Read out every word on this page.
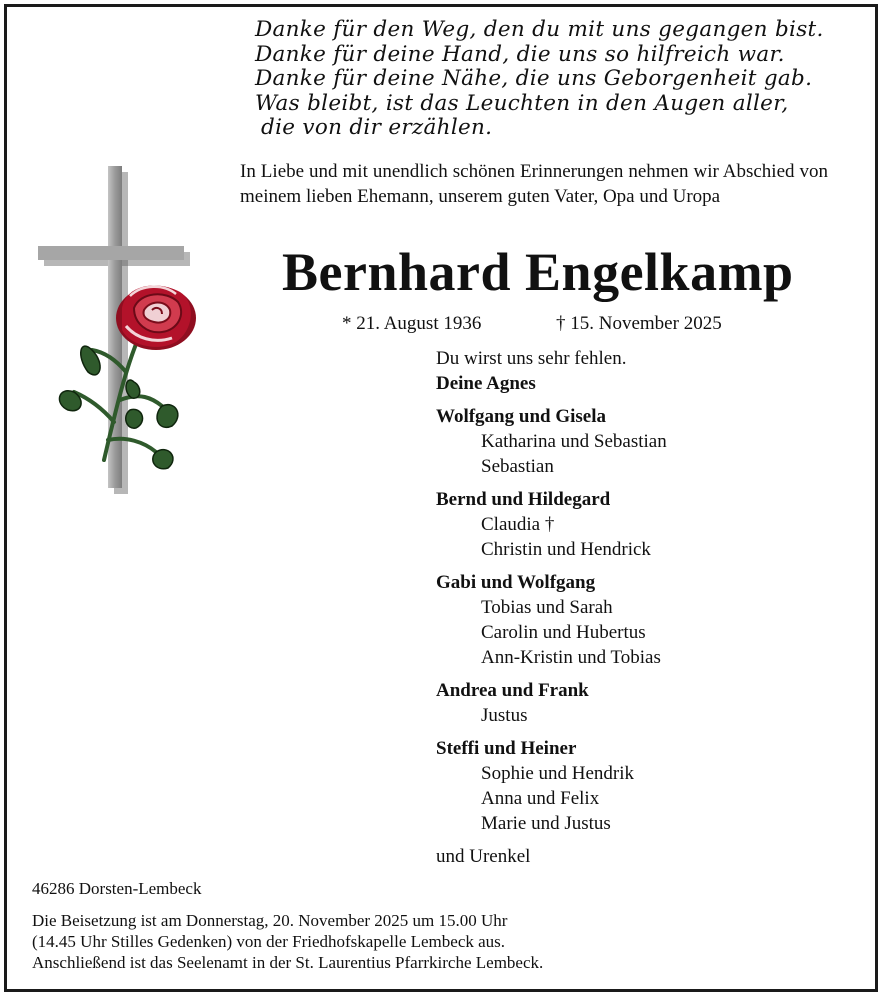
Danke für den Weg, den du mit uns gegangen bist.
Danke für deine Hand, die uns so hilfreich war.
Danke für deine Nähe, die uns Geborgenheit gab.
Was bleibt, ist das Leuchten in den Augen aller,
die von dir erzählen.
In Liebe und mit unendlich schönen Erinnerungen nehmen wir Abschied von meinem lieben Ehemann, unserem guten Vater, Opa und Uropa
Bernhard Engelkamp
* 21. August 1936	† 15. November 2025
Du wirst uns sehr fehlen.
Deine Agnes
Wolfgang und Gisela
Katharina und Sebastian
Sebastian
Bernd und Hildegard
Claudia †
Christin und Hendrick
Gabi und Wolfgang
Tobias und Sarah
Carolin und Hubertus
Ann-Kristin und Tobias
Andrea und Frank
Justus
Steffi und Heiner
Sophie und Hendrik
Anna und Felix
Marie und Justus
und Urenkel
46286 Dorsten-Lembeck
Die Beisetzung ist am Donnerstag, 20. November 2025 um 15.00 Uhr
(14.45 Uhr Stilles Gedenken) von der Friedhofskapelle Lembeck aus.
Anschließend ist das Seelenamt in der St. Laurentius Pfarrkirche Lembeck.
